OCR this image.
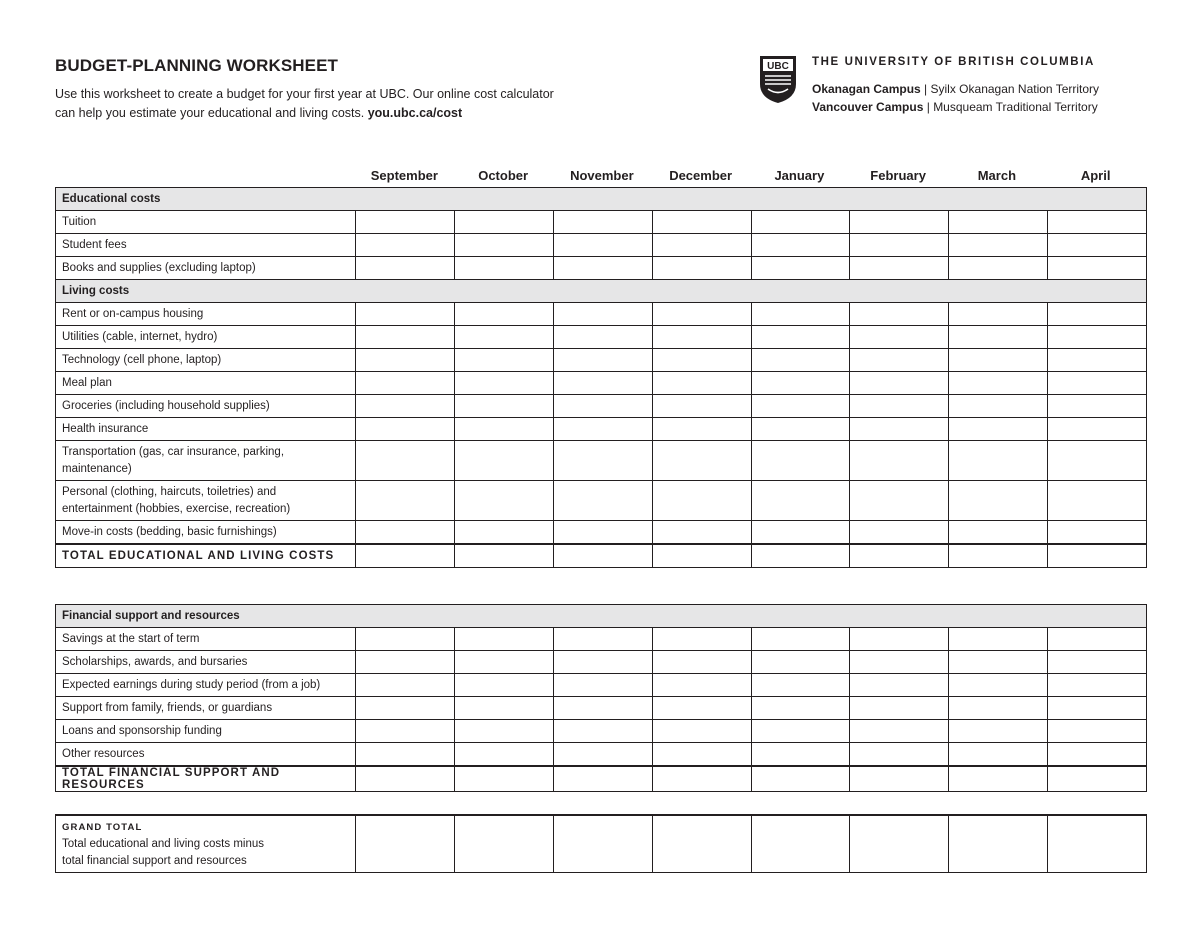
BUDGET-PLANNING WORKSHEET
Use this worksheet to create a budget for your first year at UBC. Our online cost calculator
can help you estimate your educational and living costs. you.ubc.ca/cost
UBC THE UNIVERSITY OF BRITISH COLUMBIA
Okanagan Campus | Syilx Okanagan Nation Territory
Vancouver Campus | Musqueam Traditional Territory
September	October	November	December	January	February	March	April
Educational costs								
Tuition								
Student fees								
Books and supplies (excluding laptop)								
Living costs								
Rent or on-campus housing								
Utilities (cable, internet, hydro)								
Technology (cell phone, laptop)								
Meal plan								
Groceries (including household supplies)								
Health insurance								
Transportation (gas, car insurance, parking, maintenance)								
Personal (clothing, haircuts, toiletries) and entertainment (hobbies, exercise, recreation)								
Move-in costs (bedding, basic furnishings)								
TOTAL EDUCATIONAL AND LIVING COSTS								
Financial support and resources								
Savings at the start of term								
Scholarships, awards, and bursaries								
Expected earnings during study period (from a job)								
Support from family, friends, or guardians								
Loans and sponsorship funding								
Other resources								
TOTAL FINANCIAL SUPPORT AND RESOURCES								
GRAND TOTAL
Total educational and living costs minus
total financial support and resources
